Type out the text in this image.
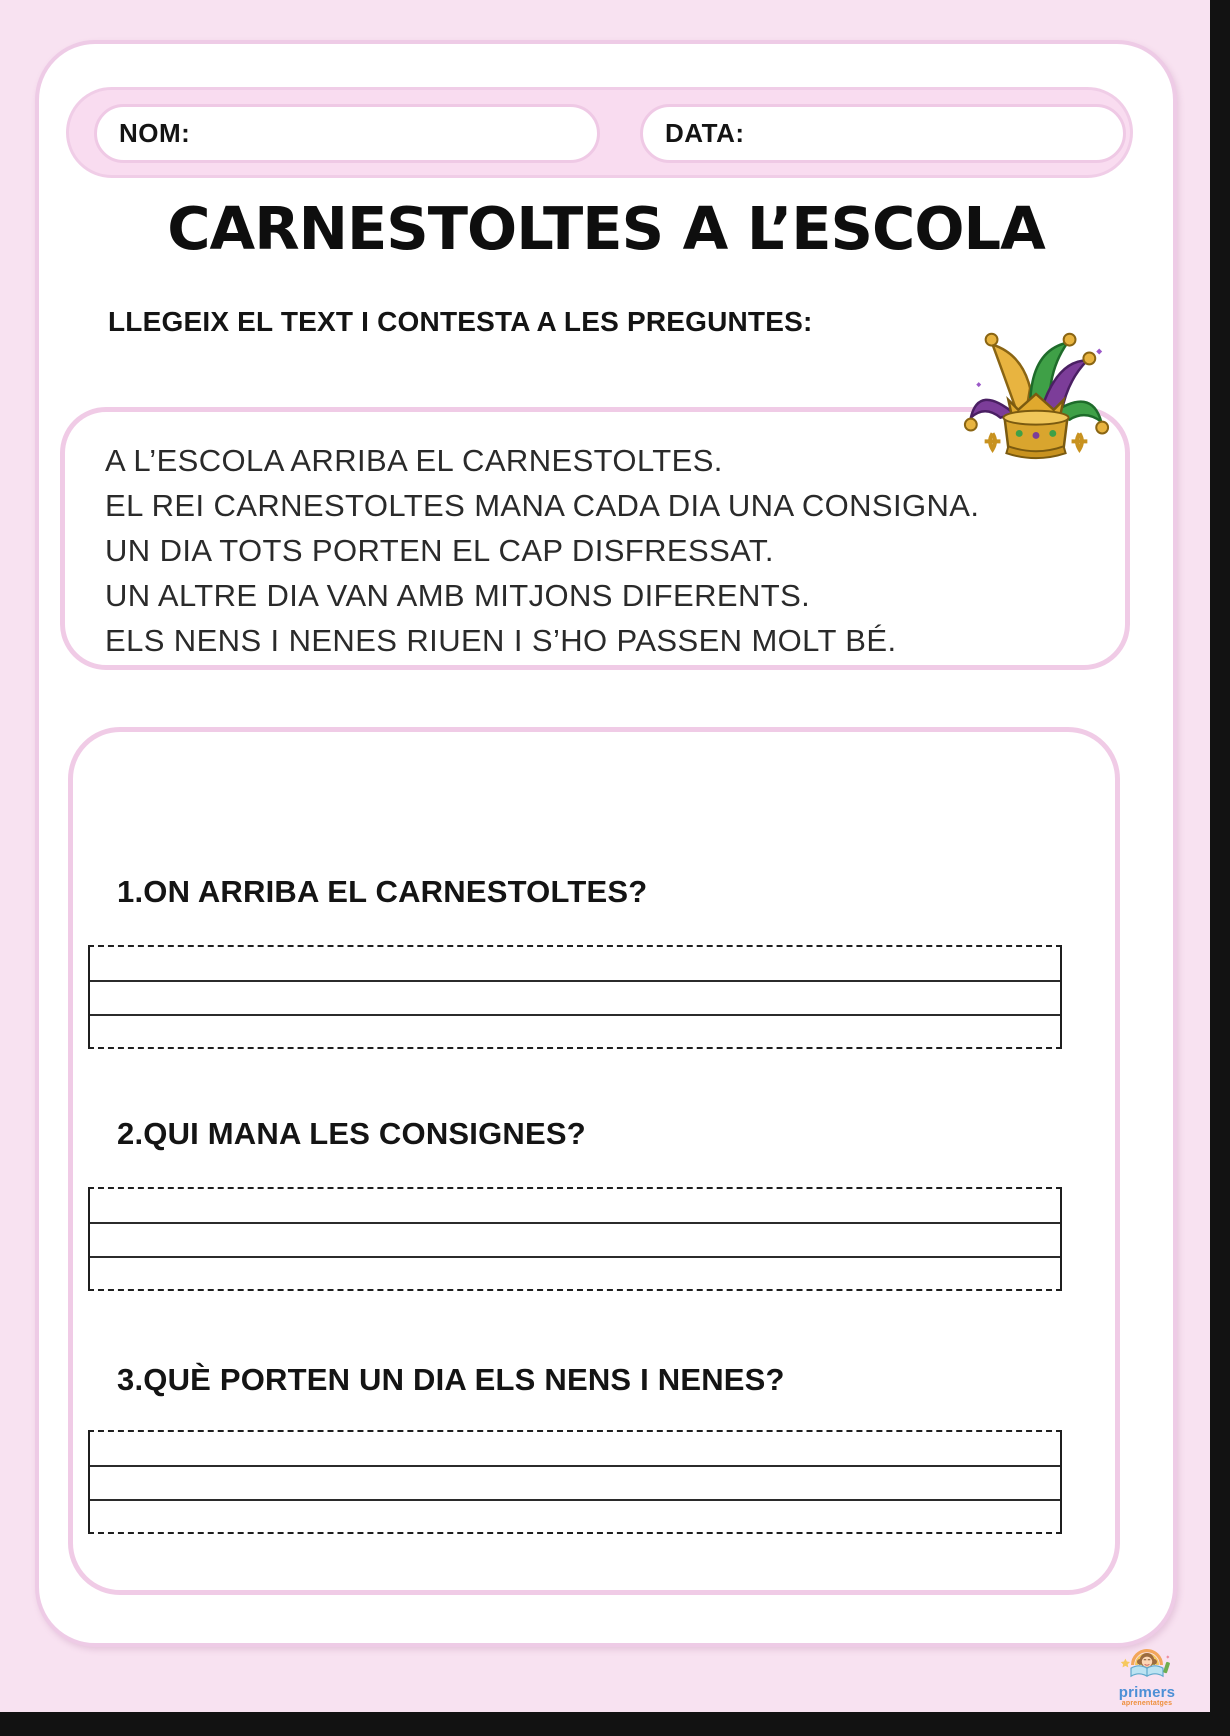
NOM:	DATA:
CARNESTOLTES A L’ESCOLA
LLEGEIX EL TEXT I CONTESTA A LES PREGUNTES:
A L’ESCOLA ARRIBA EL CARNESTOLTES.
EL REI CARNESTOLTES MANA CADA DIA UNA CONSIGNA.
UN DIA TOTS PORTEN EL CAP DISFRESSAT.
UN ALTRE DIA VAN AMB MITJONS DIFERENTS.
ELS NENS I NENES RIUEN I S’HO PASSEN MOLT BÉ.
1.ON ARRIBA EL CARNESTOLTES?
2.QUI MANA LES CONSIGNES?
3.QUÈ PORTEN UN DIA ELS NENS I NENES?
primers
aprenentatges
